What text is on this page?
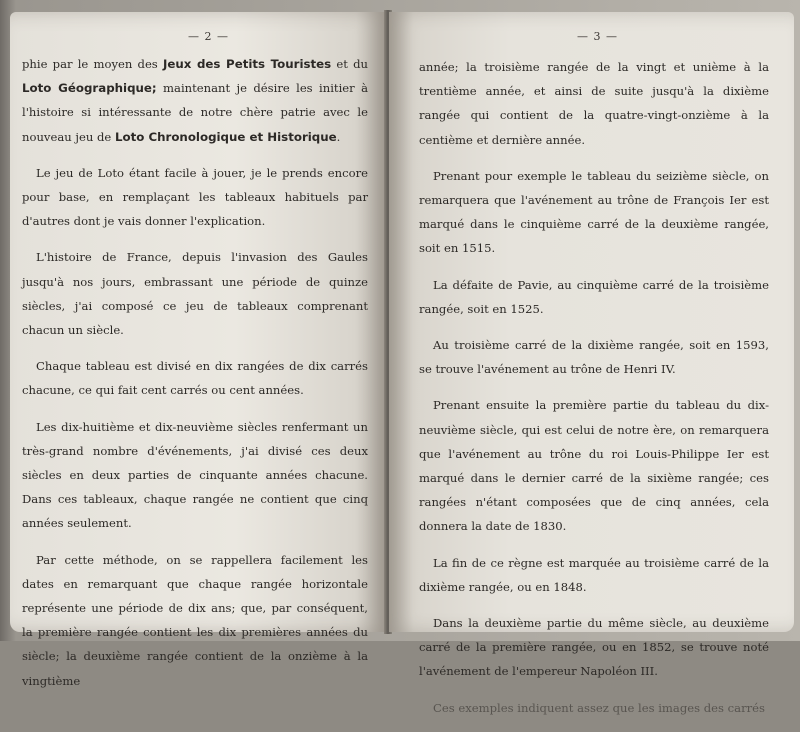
— 2 —

phie par le moyen des Jeux des Petits Touristes et du Loto Géographique; maintenant je désire les initier à l'histoire si intéressante de notre chère patrie avec le nouveau jeu de Loto Chronologique et Historique.

Le jeu de Loto étant facile à jouer, je le prends encore pour base, en remplaçant les tableaux habituels par d'autres dont je vais donner l'explication.

L'histoire de France, depuis l'invasion des Gaules jusqu'à nos jours, embrassant une période de quinze siècles, j'ai composé ce jeu de tableaux comprenant chacun un siècle.

Chaque tableau est divisé en dix rangées de dix carrés chacune, ce qui fait cent carrés ou cent années.

Les dix-huitième et dix-neuvième siècles renfermant un très-grand nombre d'événements, j'ai divisé ces deux siècles en deux parties de cinquante années chacune. Dans ces tableaux, chaque rangée ne contient que cinq années seulement.

Par cette méthode, on se rappellera facilement les dates en remarquant que chaque rangée horizontale représente une période de dix ans; que, par conséquent, la première rangée contient les dix premières années du siècle; la deuxième rangée contient de la onzième à la vingtième

— 3 —

année; la troisième rangée de la vingt et unième à la trentième année, et ainsi de suite jusqu'à la dixième rangée qui contient de la quatre-vingt-onzième à la centième et dernière année.

Prenant pour exemple le tableau du seizième siècle, on remarquera que l'avénement au trône de François Ier est marqué dans le cinquième carré de la deuxième rangée, soit en 1515.

La défaite de Pavie, au cinquième carré de la troisième rangée, soit en 1525.

Au troisième carré de la dixième rangée, soit en 1593, se trouve l'avénement au trône de Henri IV.

Prenant ensuite la première partie du tableau du dix-neuvième siècle, qui est celui de notre ère, on remarquera que l'avénement au trône du roi Louis-Philippe Ier est marqué dans le dernier carré de la sixième rangée; ces rangées n'étant composées que de cinq années, cela donnera la date de 1830.

La fin de ce règne est marquée au troisième carré de la dixième rangée, ou en 1848.

Dans la deuxième partie du même siècle, au deuxième carré de la première rangée, ou en 1852, se trouve noté l'avénement de l'empereur Napoléon III.

Ces exemples indiquent assez que les images des carrés
